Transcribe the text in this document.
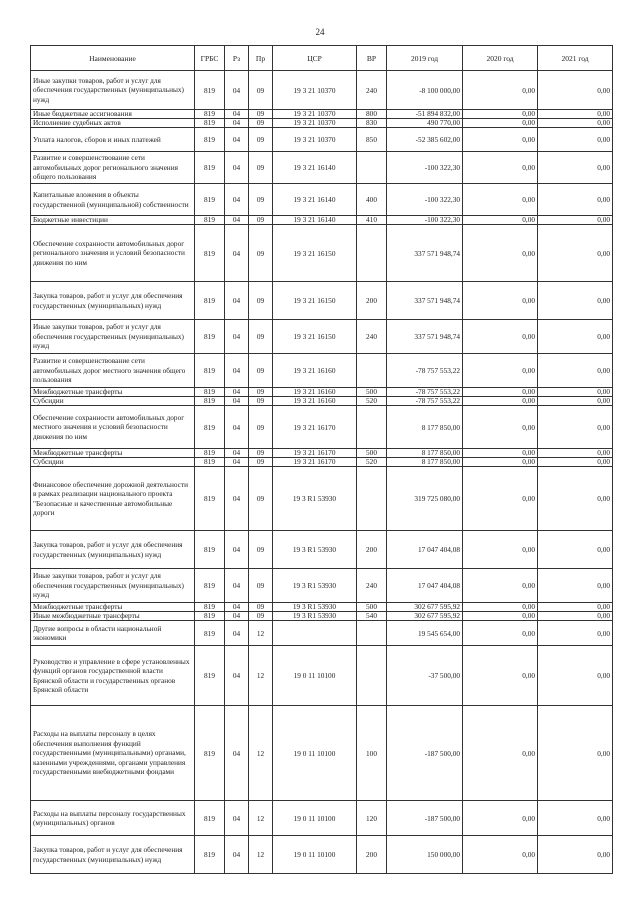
24
Наименование	ГРБС	Рз	Пр	ЦСР	ВР	2019 год	2020 год	2021 год
Иные закупки товаров, работ и услуг для обеспечения государственных (муниципальных) нужд	819	04	09	19 3 21 10370	240	-8 100 000,00	0,00	0,00
Иные бюджетные ассигнования	819	04	09	19 3 21 10370	800	-51 894 832,00	0,00	0,00
Исполнение судебных актов	819	04	09	19 3 21 10370	830	490 770,00	0,00	0,00
Уплата налогов, сборов и иных платежей	819	04	09	19 3 21 10370	850	-52 385 602,00	0,00	0,00
Развитие и совершенствование сети автомобильных дорог регионального значения общего пользования	819	04	09	19 3 21 16140		-100 322,30	0,00	0,00
Капитальные вложения в объекты государственной (муниципальной) собственности	819	04	09	19 3 21 16140	400	-100 322,30	0,00	0,00
Бюджетные инвестиции	819	04	09	19 3 21 16140	410	-100 322,30	0,00	0,00
Обеспечение сохранности автомобильных дорог регионального значения и условий безопасности движения по ним	819	04	09	19 3 21 16150		337 571 948,74	0,00	0,00
Закупка товаров, работ и услуг для обеспечения государственных (муниципальных) нужд	819	04	09	19 3 21 16150	200	337 571 948,74	0,00	0,00
Иные закупки товаров, работ и услуг для обеспечения государственных (муниципальных) нужд	819	04	09	19 3 21 16150	240	337 571 948,74	0,00	0,00
Развитие и совершенствование сети автомобильных дорог местного значения общего пользования	819	04	09	19 3 21 16160		-78 757 553,22	0,00	0,00
Межбюджетные трансферты	819	04	09	19 3 21 16160	500	-78 757 553,22	0,00	0,00
Субсидии	819	04	09	19 3 21 16160	520	-78 757 553,22	0,00	0,00
Обеспечение сохранности автомобильных дорог местного значения и условий безопасности движения по ним	819	04	09	19 3 21 16170		8 177 850,00	0,00	0,00
Межбюджетные трансферты	819	04	09	19 3 21 16170	500	8 177 850,00	0,00	0,00
Субсидии	819	04	09	19 3 21 16170	520	8 177 850,00	0,00	0,00
Финансовое обеспечение дорожной деятельности в рамках реализации национального проекта "Безопасные и качественные автомобильные дороги	819	04	09	19 3 R1 53930		319 725 080,00	0,00	0,00
Закупка товаров, работ и услуг для обеспечения государственных (муниципальных) нужд	819	04	09	19 3 R1 53930	200	17 047 404,08	0,00	0,00
Иные закупки товаров, работ и услуг для обеспечения государственных (муниципальных) нужд	819	04	09	19 3 R1 53930	240	17 047 404,08	0,00	0,00
Межбюджетные трансферты	819	04	09	19 3 R1 53930	500	302 677 595,92	0,00	0,00
Иные межбюджетные трансферты	819	04	09	19 3 R1 53930	540	302 677 595,92	0,00	0,00
Другие вопросы в области национальной экономики	819	04	12			19 545 654,00	0,00	0,00
Руководство и управление в сфере установленных функций органов государственной власти Брянской области и государственных органов Брянской области	819	04	12	19 0 11 10100		-37 500,00	0,00	0,00
Расходы на выплаты персоналу в целях обеспечения выполнения функций государственными (муниципальными) органами, казенными учреждениями, органами управления государственными внебюджетными фондами	819	04	12	19 0 11 10100	100	-187 500,00	0,00	0,00
Расходы на выплаты персоналу государственных (муниципальных) органов	819	04	12	19 0 11 10100	120	-187 500,00	0,00	0,00
Закупка товаров, работ и услуг для обеспечения государственных (муниципальных) нужд	819	04	12	19 0 11 10100	200	150 000,00	0,00	0,00
